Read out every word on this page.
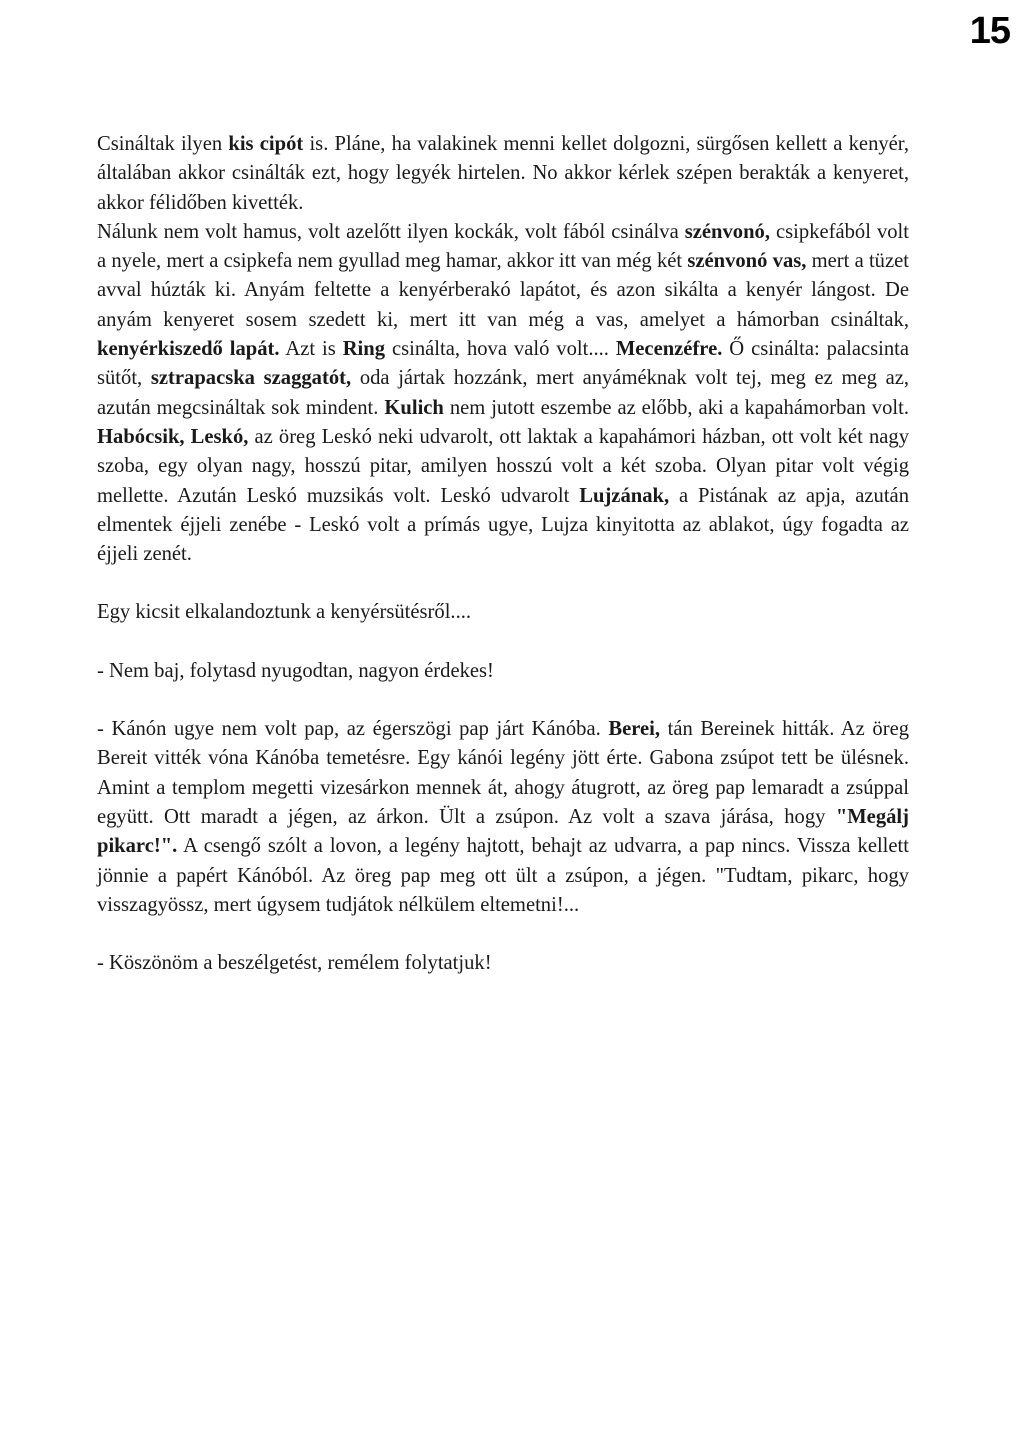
15

Csináltak ilyen kis cipót is. Pláne, ha valakinek menni kellet dolgozni, sürgősen kellett a kenyér, általában akkor csinálták ezt, hogy legyék hirtelen. No akkor kérlek szépen berakták a kenyeret, akkor félidőben kivették.

Nálunk nem volt hamus, volt azelőtt ilyen kockák, volt fából csinálva szénvonó, csipkefából volt a nyele, mert a csipkefa nem gyullad meg hamar, akkor itt van még két szénvonó vas, mert a tüzet avval húzták ki. Anyám feltette a kenyérberakó lapátot, és azon sikálta a kenyér lángost. De anyám kenyeret sosem szedett ki, mert itt van még a vas, amelyet a hámorban csináltak, kenyérkiszedő lapát. Azt is Ring csinálta, hova való volt.... Mecenzéfre. Ő csinálta: palacsinta sütőt, sztrapacska szaggatót, oda jártak hozzánk, mert anyáméknak volt tej, meg ez meg az, azután megcsináltak sok mindent. Kulich nem jutott eszembe az előbb, aki a kapahámorban volt. Habócsik, Leskó, az öreg Leskó neki udvarolt, ott laktak a kapahámori házban, ott volt két nagy szoba, egy olyan nagy, hosszú pitar, amilyen hosszú volt a két szoba. Olyan pitar volt végig mellette. Azután Leskó muzsikás volt. Leskó udvarolt Lujzának, a Pistának az apja, azután elmentek éjjeli zenébe - Leskó volt a prímás ugye, Lujza kinyitotta az ablakot, úgy fogadta az éjjeli zenét.

Egy kicsit elkalandoztunk a kenyérsütésről....

- Nem baj, folytasd nyugodtan, nagyon érdekes!

- Kánón ugye nem volt pap, az égerszögi pap járt Kánóba. Berei, tán Bereinek hitták. Az öreg Bereit vitték vóna Kánóba temetésre. Egy kánói legény jött érte. Gabona zsúpot tett be ülésnek. Amint a templom megetti vizesárkon mennek át, ahogy átugrott, az öreg pap lemaradt a zsúppal együtt. Ott maradt a jégen, az árkon. Ült a zsúpon. Az volt a szava járása, hogy "Megálj pikarc!". A csengő szólt a lovon, a legény hajtott, behajt az udvarra, a pap nincs. Vissza kellett jönnie a papért Kánóból. Az öreg pap meg ott ült a zsúpon, a jégen. "Tudtam, pikarc, hogy visszagyössz, mert úgysem tudjátok nélkülem eltemetni!...

- Köszönöm a beszélgetést, remélem folytatjuk!
